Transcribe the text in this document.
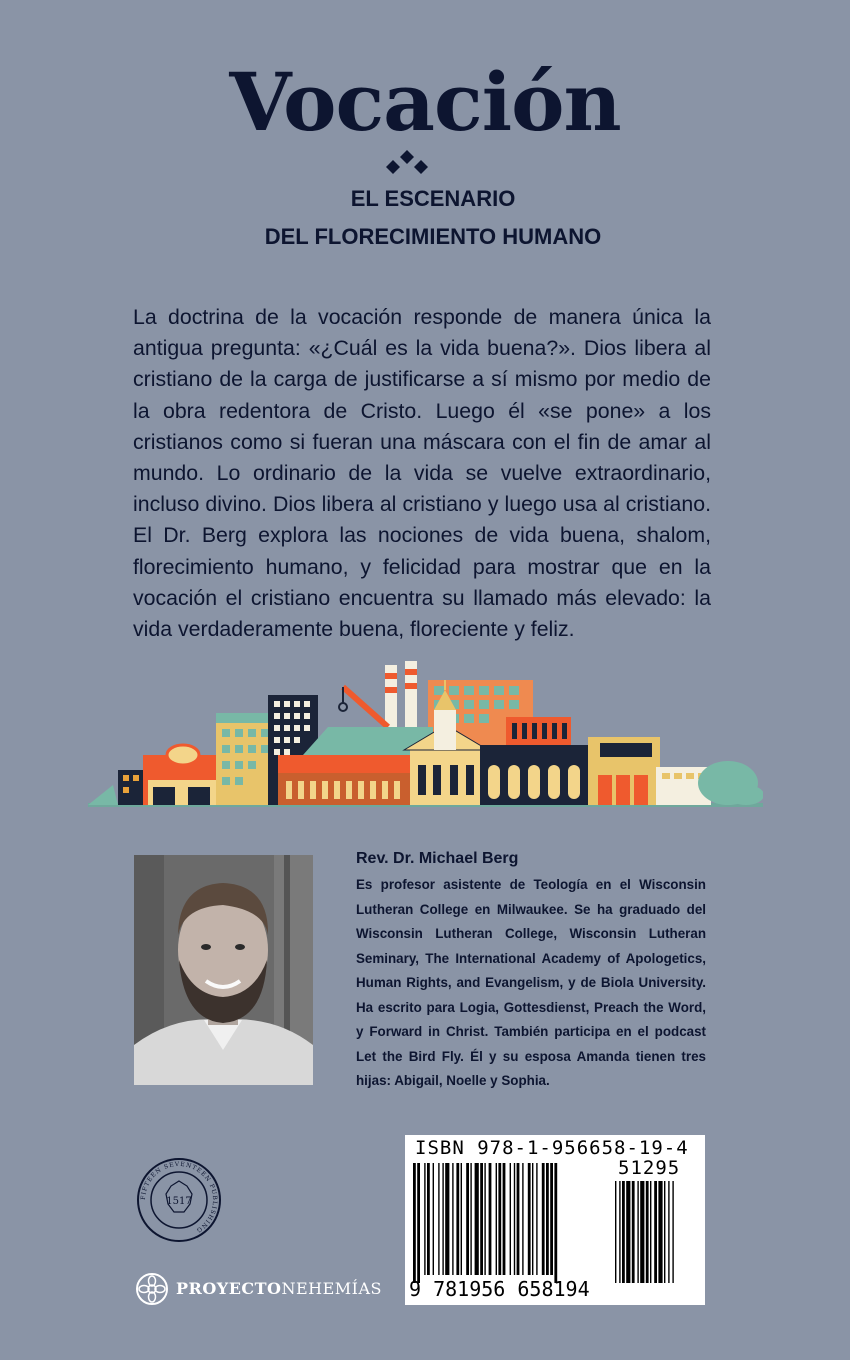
Vocación
EL ESCENARIO
DEL FLORECIMIENTO HUMANO
La doctrina de la vocación responde de manera única la antigua pregunta: «¿Cuál es la vida buena?». Dios libera al cristiano de la carga de justificarse a sí mismo por medio de la obra redentora de Cristo. Luego él «se pone» a los cristianos como si fueran una máscara con el fin de amar al mundo. Lo ordinario de la vida se vuelve extraordinario, incluso divino. Dios libera al cristiano y luego usa al cristiano. El Dr. Berg explora las nociones de vida buena, shalom, florecimiento humano, y felicidad para mostrar que en la vocación el cristiano encuentra su llamado más elevado: la vida verdaderamente buena, floreciente y feliz.
Rev. Dr. Michael Berg
Es profesor asistente de Teología en el Wisconsin Lutheran College en Milwaukee. Se ha graduado del Wisconsin Lutheran College, Wisconsin Lutheran Seminary, The International Academy of Apologetics, Human Rights, and Evangelism, y de Biola University. Ha escrito para Logia, Gottesdienst, Preach the Word, y Forward in Christ. También participa en el podcast Let the Bird Fly. Él y su esposa Amanda tienen tres hijas: Abigail, Noelle y Sophia.
FIFTEEN SEVENTEEN PUBLISHING
1517
PROYECTONEHEMÍAS
ISBN 978-1-956658-19-4
51295
9 781956 658194
